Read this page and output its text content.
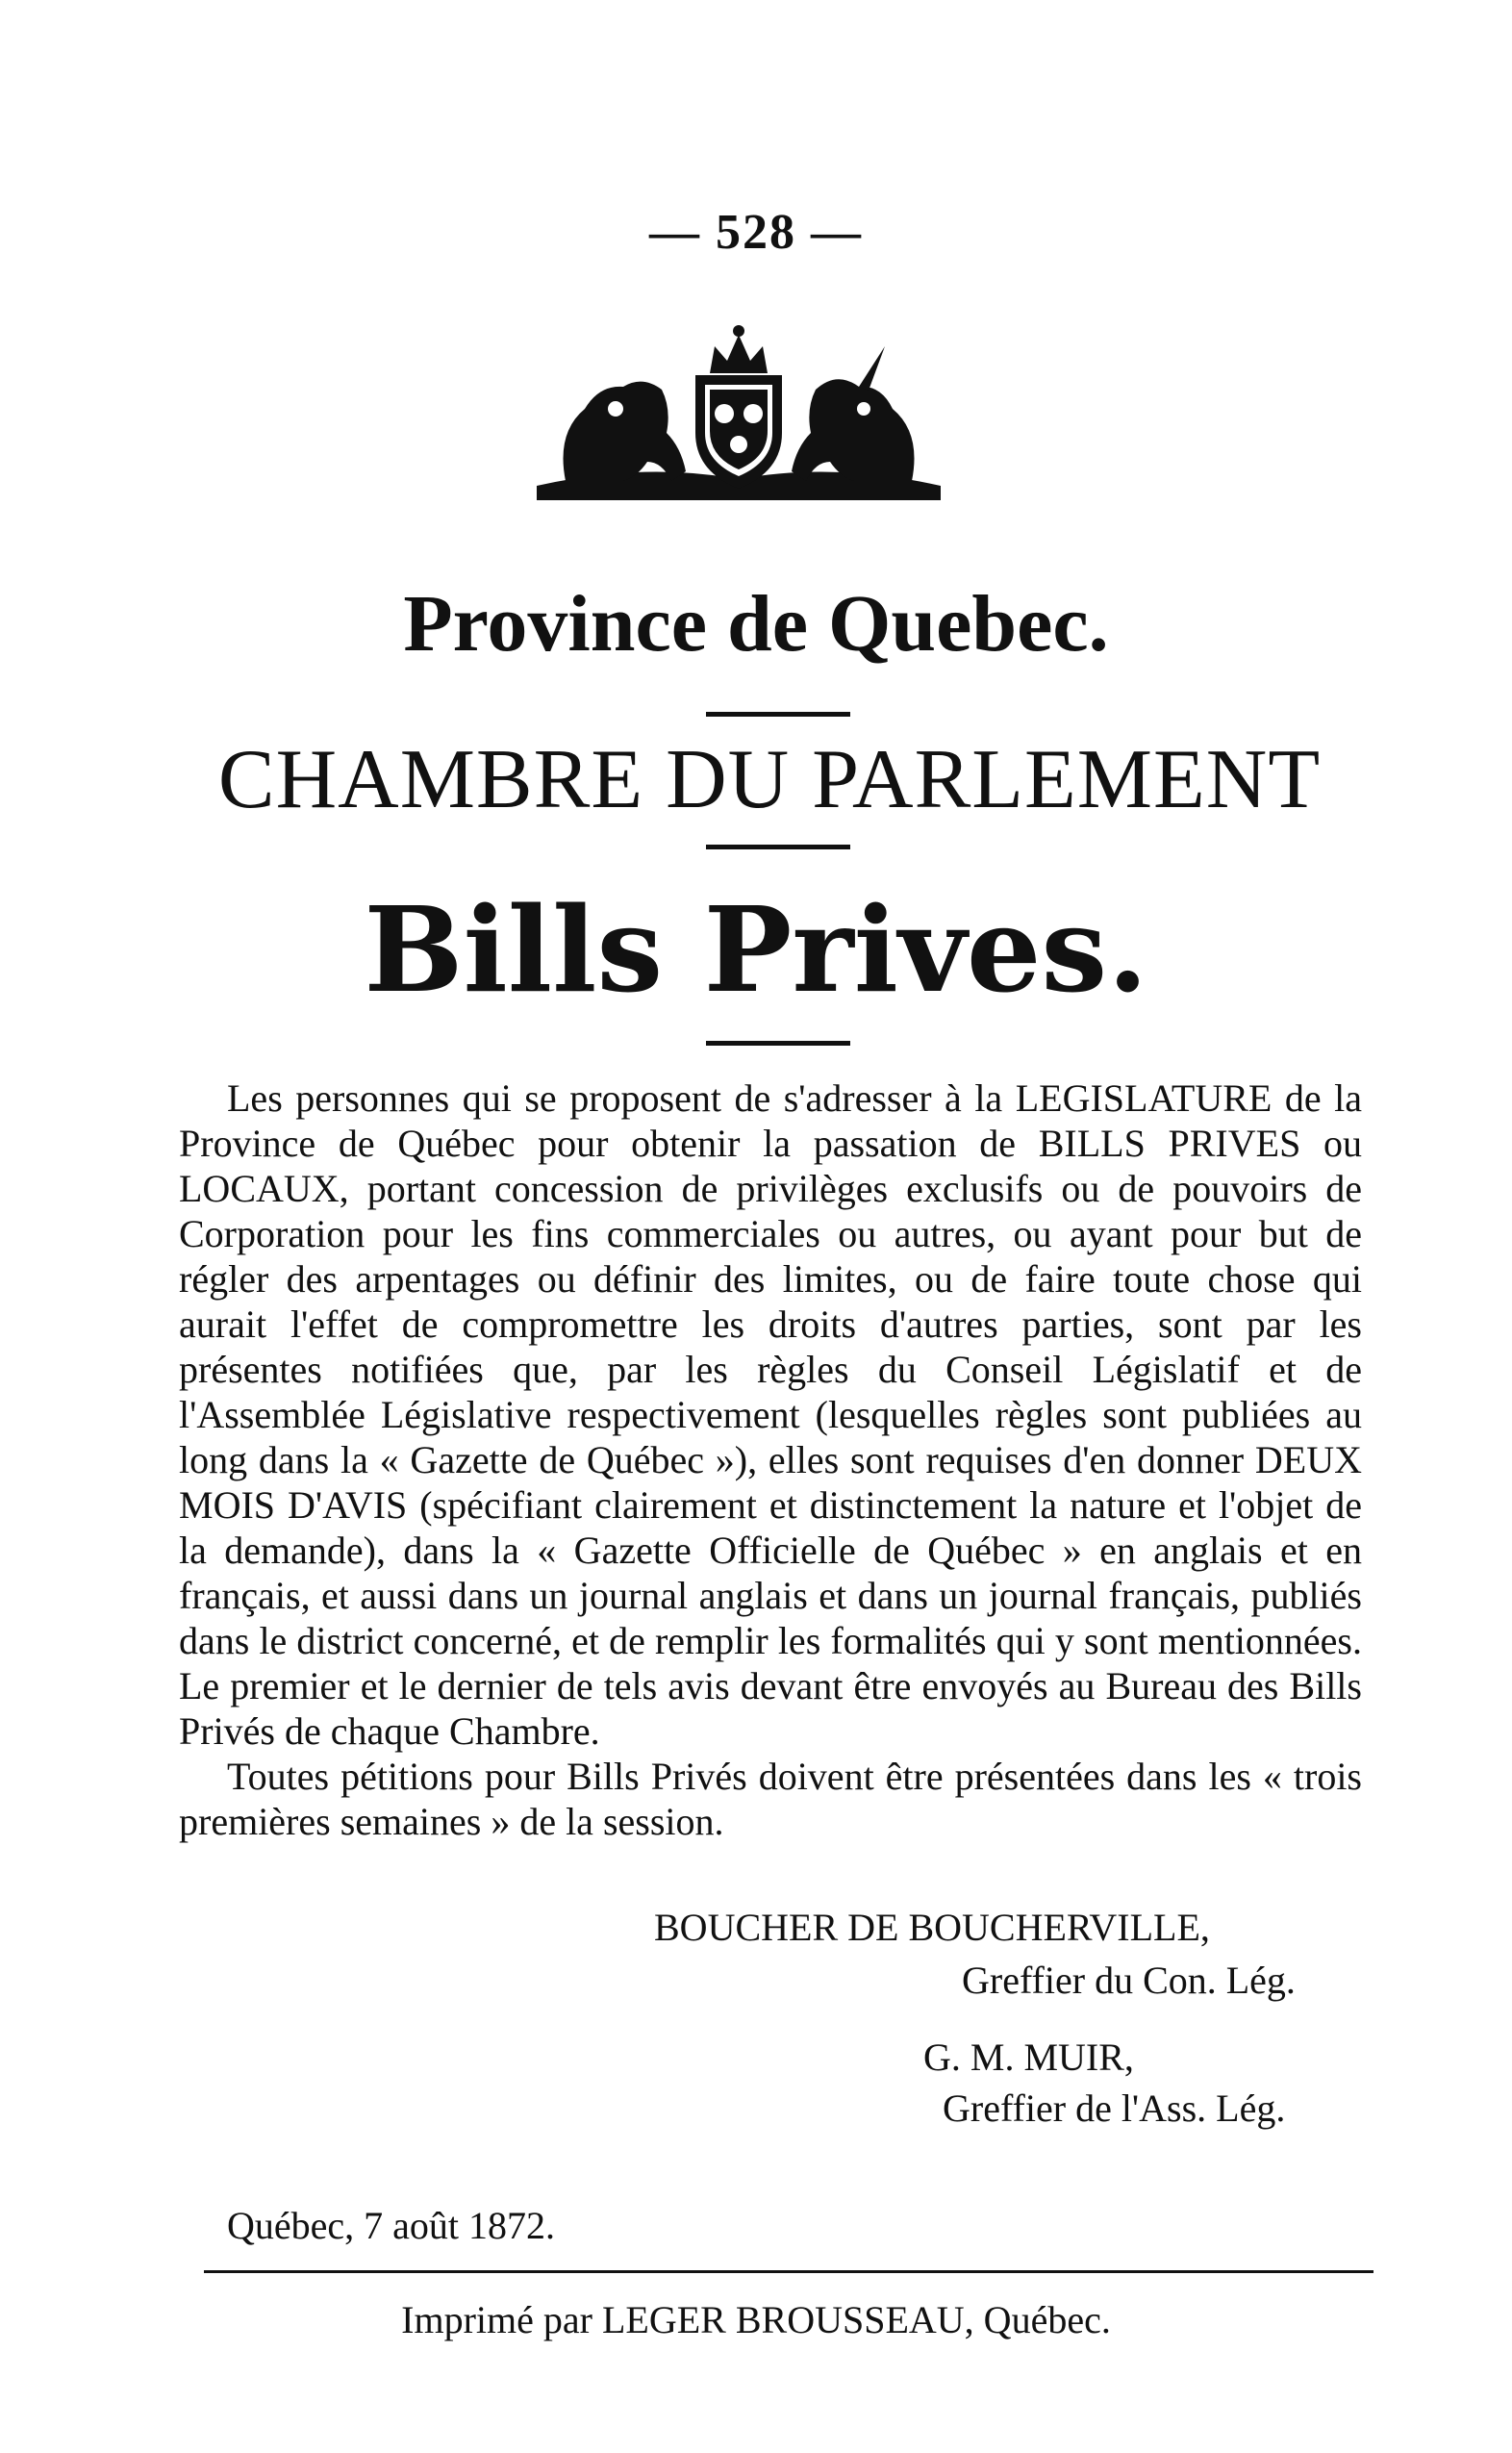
— 528 —
Province de Quebec.
CHAMBRE DU PARLEMENT
Bills Prives.

Les personnes qui se proposent de s'adresser à la LEGISLATURE de la Province de Québec pour obtenir la passation de BILLS PRIVES ou LOCAUX, portant concession de privilèges exclusifs ou de pouvoirs de Corporation pour les fins commerciales ou autres, ou ayant pour but de régler des arpentages ou définir des limites, ou de faire toute chose qui aurait l'effet de compromettre les droits d'autres parties, sont par les présentes notifiées que, par les règles du Conseil Législatif et de l'Assemblée Législative respectivement (lesquelles règles sont publiées au long dans la « Gazette de Québec »), elles sont requises d'en donner DEUX MOIS D'AVIS (spécifiant clairement et distinctement la nature et l'objet de la demande), dans la « Gazette Officielle de Québec » en anglais et en français, et aussi dans un journal anglais et dans un journal français, publiés dans le district concerné, et de remplir les formalités qui y sont mentionnées. Le premier et le dernier de tels avis devant être envoyés au Bureau des Bills Privés de chaque Chambre.

Toutes pétitions pour Bills Privés doivent être présentées dans les « trois premières semaines » de la session.

BOUCHER DE BOUCHERVILLE,
Greffier du Con. Lég.
G. M. MUIR,
Greffier de l'Ass. Lég.
Québec, 7 août 1872.
Imprimé par LEGER BROUSSEAU, Québec.
